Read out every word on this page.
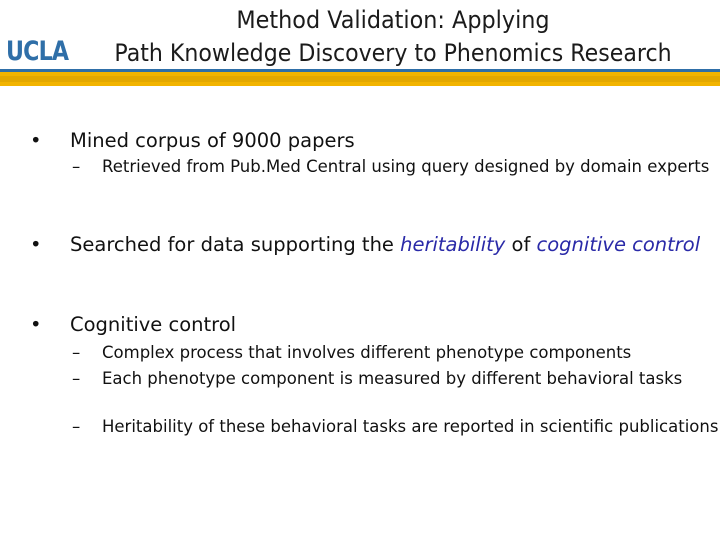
UCLA
Method Validation: Applying
Path Knowledge Discovery to Phenomics Research
• Mined corpus of 9000 papers
– Retrieved from Pub.Med Central using query designed by domain experts
• Searched for data supporting the heritability of cognitive control
• Cognitive control
– Complex process that involves different phenotype components
– Each phenotype component is measured by different behavioral tasks
– Heritability of these behavioral tasks are reported in scientific publications
